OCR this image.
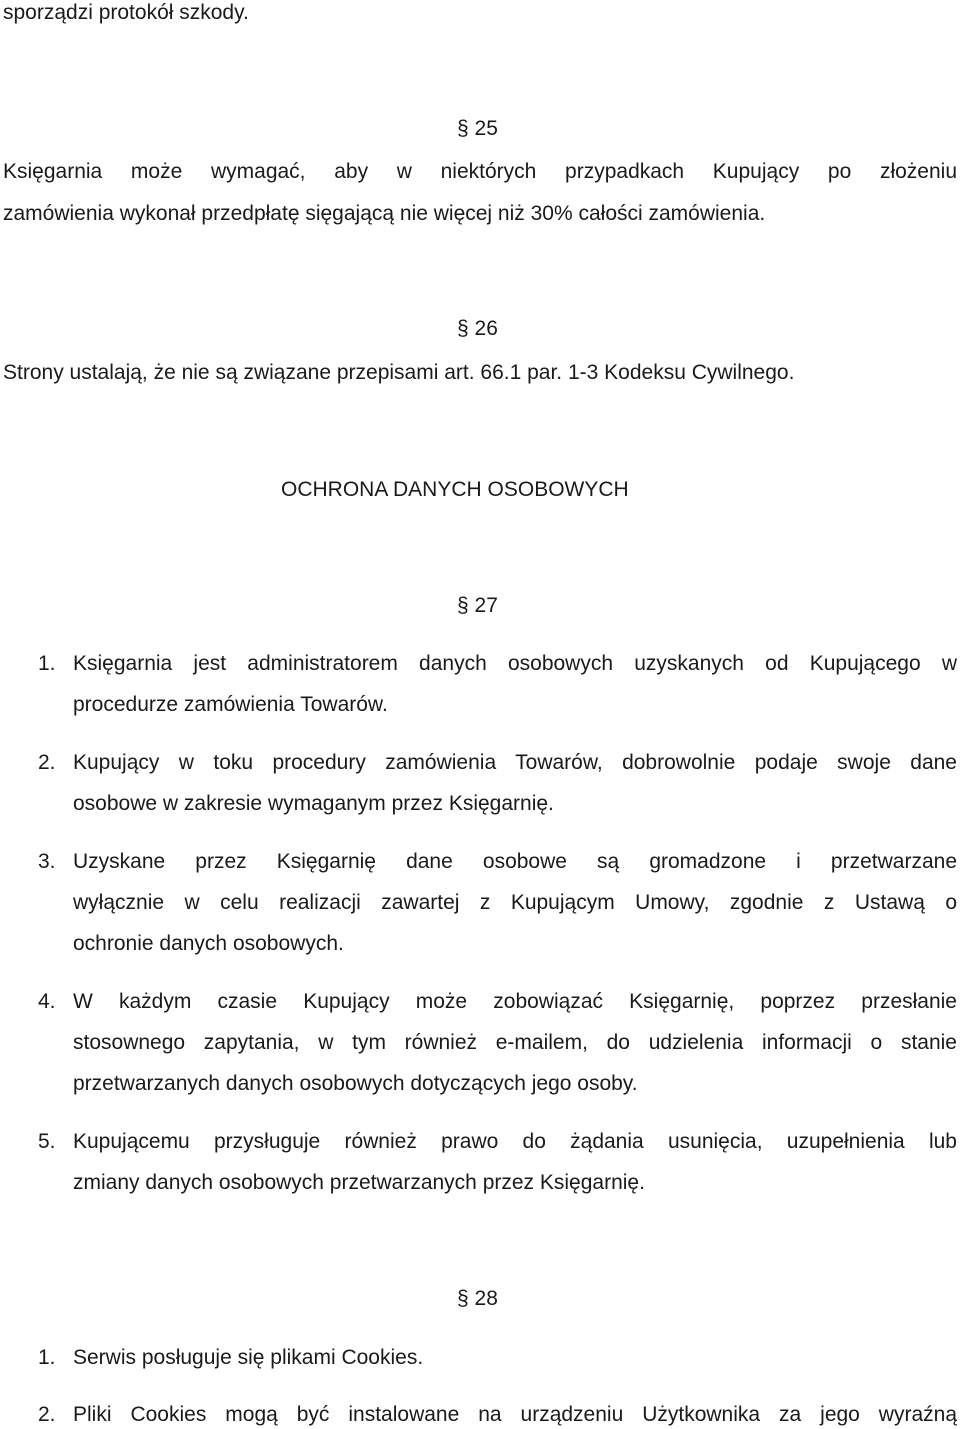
sporządzi protokół szkody.
§ 25
Księgarnia może wymagać, aby w niektórych przypadkach Kupujący po złożeniu
zamówienia wykonał przedpłatę sięgającą nie więcej niż 30% całości zamówienia.
§ 26
Strony ustalają, że nie są związane przepisami art. 66.1 par. 1-3 Kodeksu Cywilnego.
OCHRONA DANYCH OSOBOWYCH
§ 27
1. Księgarnia jest administratorem danych osobowych uzyskanych od Kupującego w
procedurze zamówienia Towarów.
2. Kupujący w toku procedury zamówienia Towarów, dobrowolnie podaje swoje dane
osobowe w zakresie wymaganym przez Księgarnię.
3. Uzyskane przez Księgarnię dane osobowe są gromadzone i przetwarzane
wyłącznie w celu realizacji zawartej z Kupującym Umowy, zgodnie z Ustawą o
ochronie danych osobowych.
4. W każdym czasie Kupujący może zobowiązać Księgarnię, poprzez przesłanie
stosownego zapytania, w tym również e-mailem, do udzielenia informacji o stanie
przetwarzanych danych osobowych dotyczących jego osoby.
5. Kupującemu przysługuje również prawo do żądania usunięcia, uzupełnienia lub
zmiany danych osobowych przetwarzanych przez Księgarnię.
§ 28
1. Serwis posługuje się plikami Cookies.
2. Pliki Cookies mogą być instalowane na urządzeniu Użytkownika za jego wyraźną
